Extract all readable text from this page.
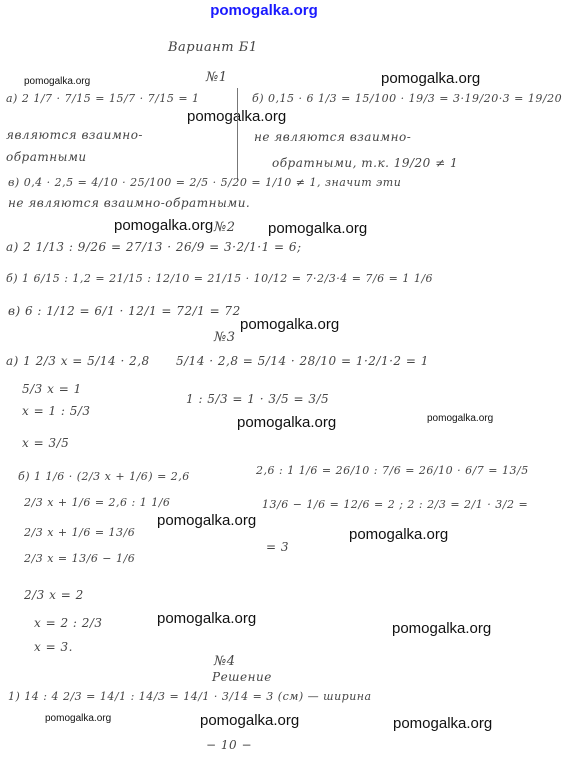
pomogalka.org
pomogalka.org	pomogalka.org
pomogalka.org
pomogalka.org	pomogalka.org
pomogalka.org
pomogalka.org	pomogalka.org
pomogalka.org
pomogalka.org
pomogalka.org
pomogalka.org
pomogalka.org	pomogalka.org	pomogalka.org
Вариант Б1
№1
а) 2 1/7 · 7/15 = 15/7 · 7/15 = 1	б) 0,15 · 6 1/3 = 15/100 · 19/3 = 3·19/20·3 = 19/20
являются взаимно- обратными
не являются взаимно-
обратными, т.к. 19/20 ≠ 1
в) 0,4 · 2,5 = 4/10 · 25/100 = 2/5 · 5/20 = 1/10 ≠ 1, значит эти
не являются взаимно-обратными.
№2
а) 2 1/13 : 9/26 = 27/13 · 26/9 = 3·2/1·1 = 6;
б) 1 6/15 : 1,2 = 21/15 : 12/10 = 21/15 · 10/12 = 7·2/3·4 = 7/6 = 1 1/6
в) 6 : 1/12 = 6/1 · 12/1 = 72/1 = 72
№3
а) 1 2/3 x = 5/14 · 2,8 5/14 · 2,8 = 5/14 · 28/10 = 1·2/1·2 = 1
5/3 x = 1
x = 1 : 5/3
1 : 5/3 = 1 · 3/5 = 3/5
x = 3/5
б) 1 1/6 · (2/3 x + 1/6) = 2,6	2,6 : 1 1/6 = 26/10 : 7/6 = 26/10 · 6/7 = 13/5
2/3 x + 1/6 = 2,6 : 1 1/6	13/6 − 1/6 = 12/6 = 2 ; 2 : 2/3 = 2/1 · 3/2 =
2/3 x + 1/6 = 13/6
= 3
2/3 x = 13/6 − 1/6
2/3 x = 2
x = 2 : 2/3
x = 3.
№4
Решение
1) 14 : 4 2/3 = 14/1 : 14/3 = 14/1 · 3/14 = 3 (см) — ширина
− 10 −
